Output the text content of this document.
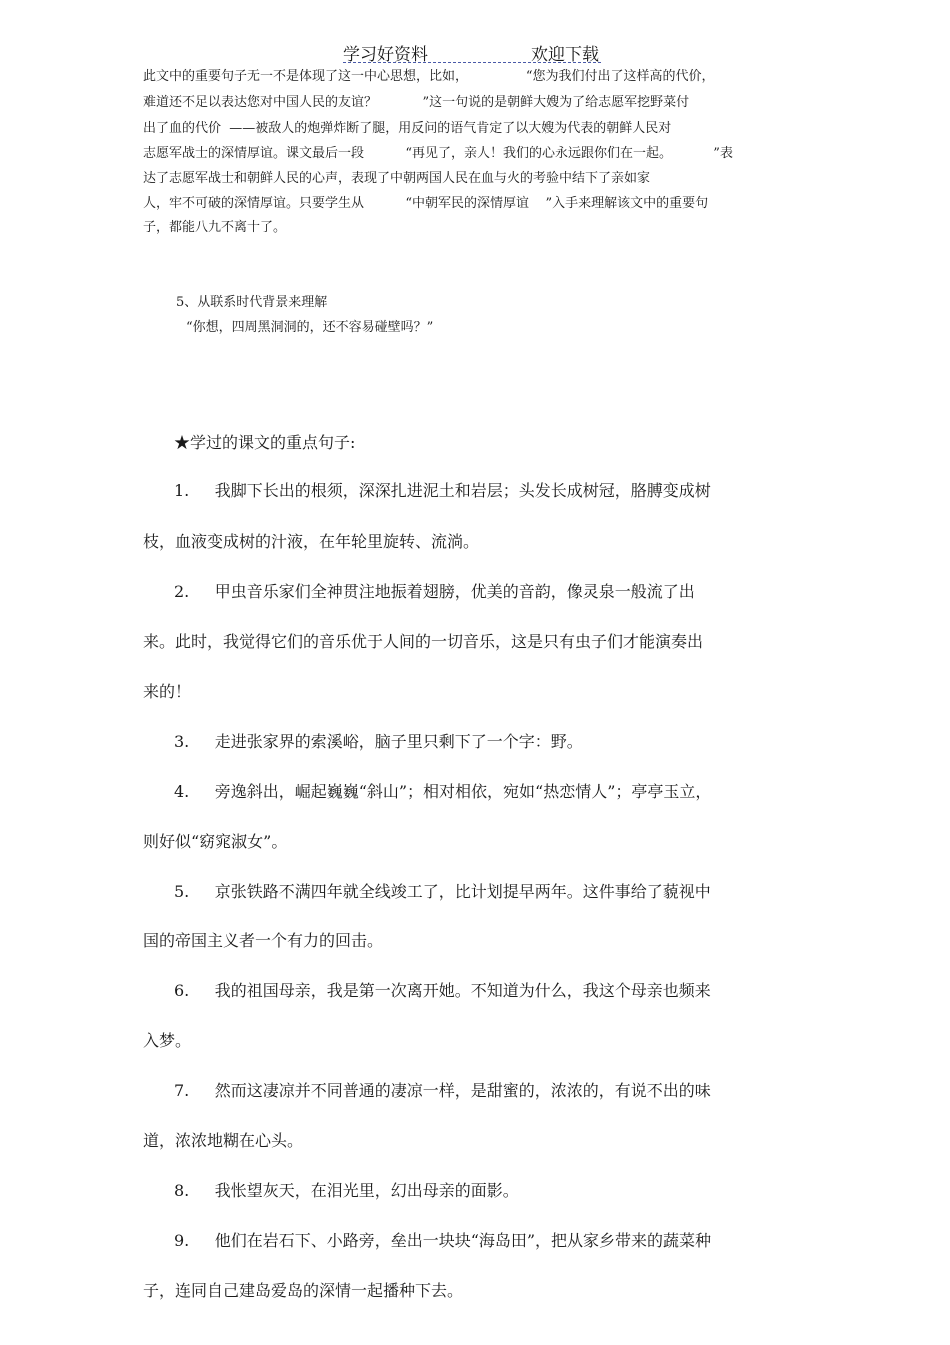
学习好资料	欢迎下载
此文中的重要句子无一不是体现了这一中心思想，比如，              “您为我们付出了这样高的代价，
难道还不足以表达您对中国人民的友谊？           ”这一句说的是朝鲜大嫂为了给志愿军挖野菜付
出了血的代价  ——被敌人的炮弹炸断了腿，用反问的语气肯定了以大嫂为代表的朝鲜人民对
志愿军战士的深情厚谊。课文最后一段          “再见了，亲人！我们的心永远跟你们在一起。          ”表
达了志愿军战士和朝鲜人民的心声，表现了中朝两国人民在血与火的考验中结下了亲如家
人，牢不可破的深情厚谊。只要学生从          “中朝军民的深情厚谊    ”入手来理解该文中的重要句
子，都能八九不离十了。
5、从联系时代背景来理解
“你想，四周黑洞洞的，还不容易碰壁吗？”
★学过的课文的重点句子:
1.     我脚下长出的根须，深深扎进泥土和岩层；头发长成树冠，胳膊变成树
枝，血液变成树的汁液，在年轮里旋转、流淌。
2.     甲虫音乐家们全神贯注地振着翅膀，优美的音韵，像灵泉一般流了出
来。此时，我觉得它们的音乐优于人间的一切音乐，这是只有虫子们才能演奏出
来的！
3.     走进张家界的索溪峪，脑子里只剩下了一个字：野。
4.     旁逸斜出，崛起巍巍“斜山”；相对相依，宛如“热恋情人”；亭亭玉立，
则好似“窈窕淑女”。
5.     京张铁路不满四年就全线竣工了，比计划提早两年。这件事给了藐视中
国的帝国主义者一个有力的回击。
6.     我的祖国母亲，我是第一次离开她。不知道为什么，我这个母亲也频来
入梦。
7.     然而这凄凉并不同普通的凄凉一样，是甜蜜的，浓浓的，有说不出的味
道，浓浓地糊在心头。
8.     我怅望灰天，在泪光里，幻出母亲的面影。
9.     他们在岩石下、小路旁，垒出一块块“海岛田”，把从家乡带来的蔬菜种
子，连同自己建岛爱岛的深情一起播种下去。
